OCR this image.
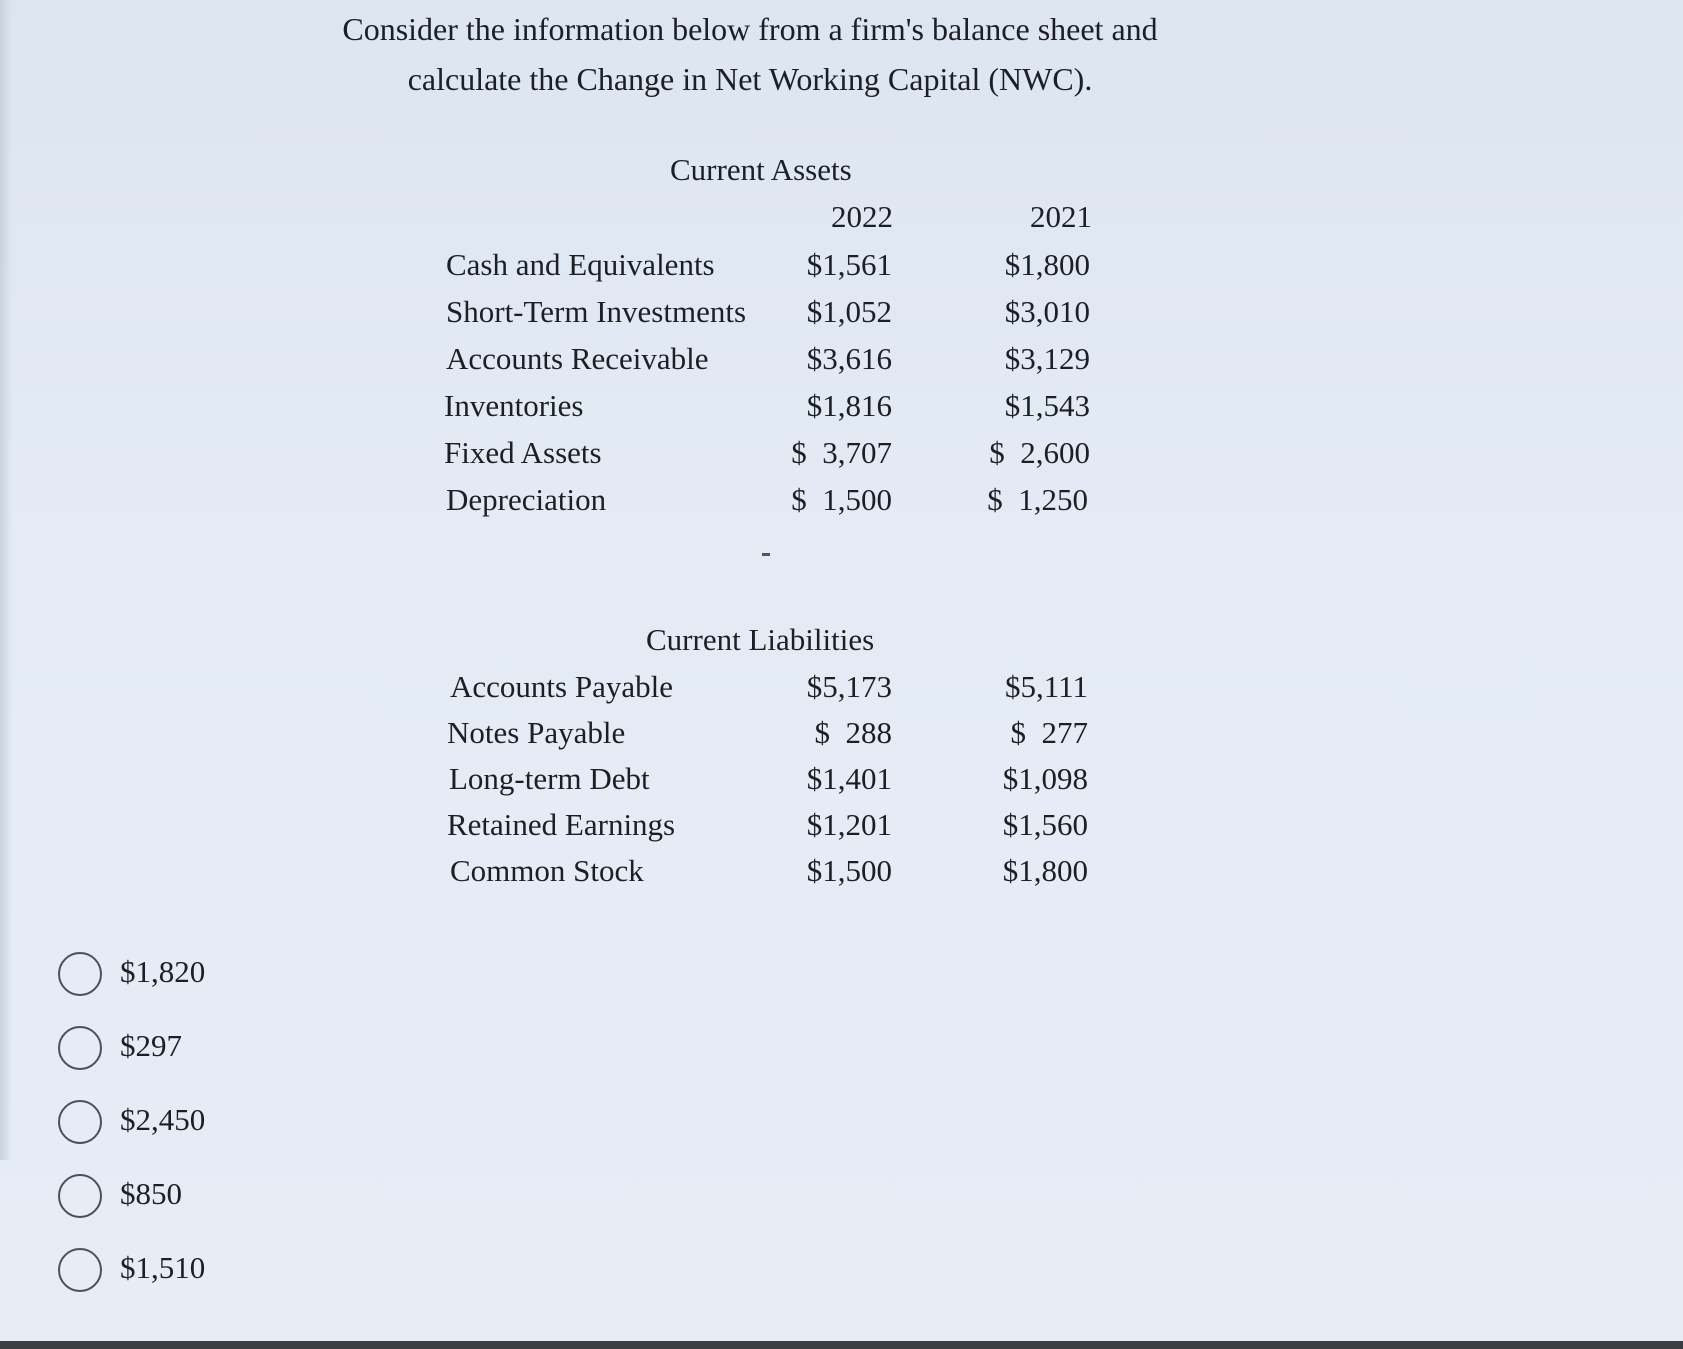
Consider the information below from a firm's balance sheet and
calculate the Change in Net Working Capital (NWC).
Current Assets
2022	2021
Cash and Equivalents	$1,561	$1,800
Short-Term Investments $1,052	$3,010
Accounts Receivable	$3,616	$3,129
Inventories	$1,816	$1,543
Fixed Assets	$  3,707	$  2,600
Depreciation	$  1,500	$  1,250
Current Liabilities
Accounts Payable	$5,173	$5,111
Notes Payable	$  288	$  277
Long-term Debt	$1,401	$1,098
Retained Earnings	$1,201	$1,560
Common Stock	$1,500	$1,800
$1,820
$297
$2,450
$850
$1,510
